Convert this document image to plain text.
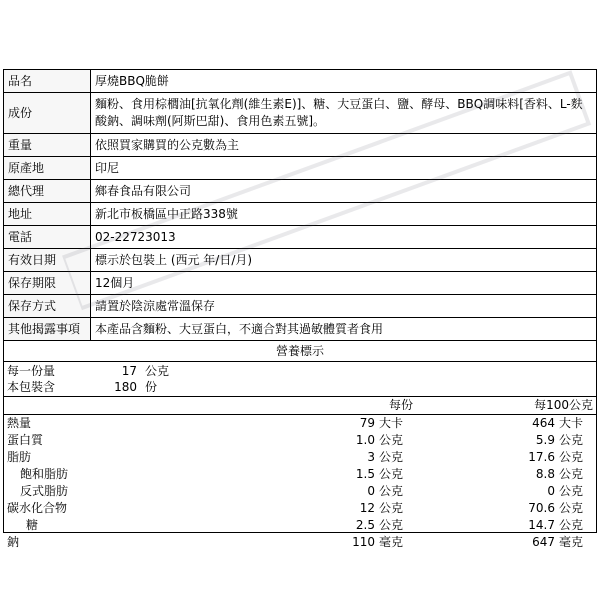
品名	厚燒BBQ脆餅
成份	麵粉、食用棕櫚油[抗氧化劑(維生素E)]、糖、大豆蛋白、鹽、酵母、BBQ調味料[香料、L-麩酸鈉、調味劑(阿斯巴甜)、食用色素五號]。
重量	依照買家購買的公克數為主
原產地	印尼
總代理	鄉春食品有限公司
地址	新北市板橋區中正路338號
電話	02-22723013
有效日期	標示於包裝上 (西元 年/日/月)
保存期限	12個月
保存方式	請置於陰涼處常溫保存
其他揭露事項	本產品含麵粉、大豆蛋白，不適合對其過敏體質者食用
營養標示
每一份量	17 公克
本包裝含	180 份
	每份	每100公克
熱量	79 大卡	464 大卡
蛋白質	1.0 公克	5.9 公克
脂肪	3 公克	17.6 公克
飽和脂肪	1.5 公克	8.8 公克
反式脂肪	0 公克	0 公克
碳水化合物	12 公克	70.6 公克
糖	2.5 公克	14.7 公克
鈉	110 毫克	647 毫克
